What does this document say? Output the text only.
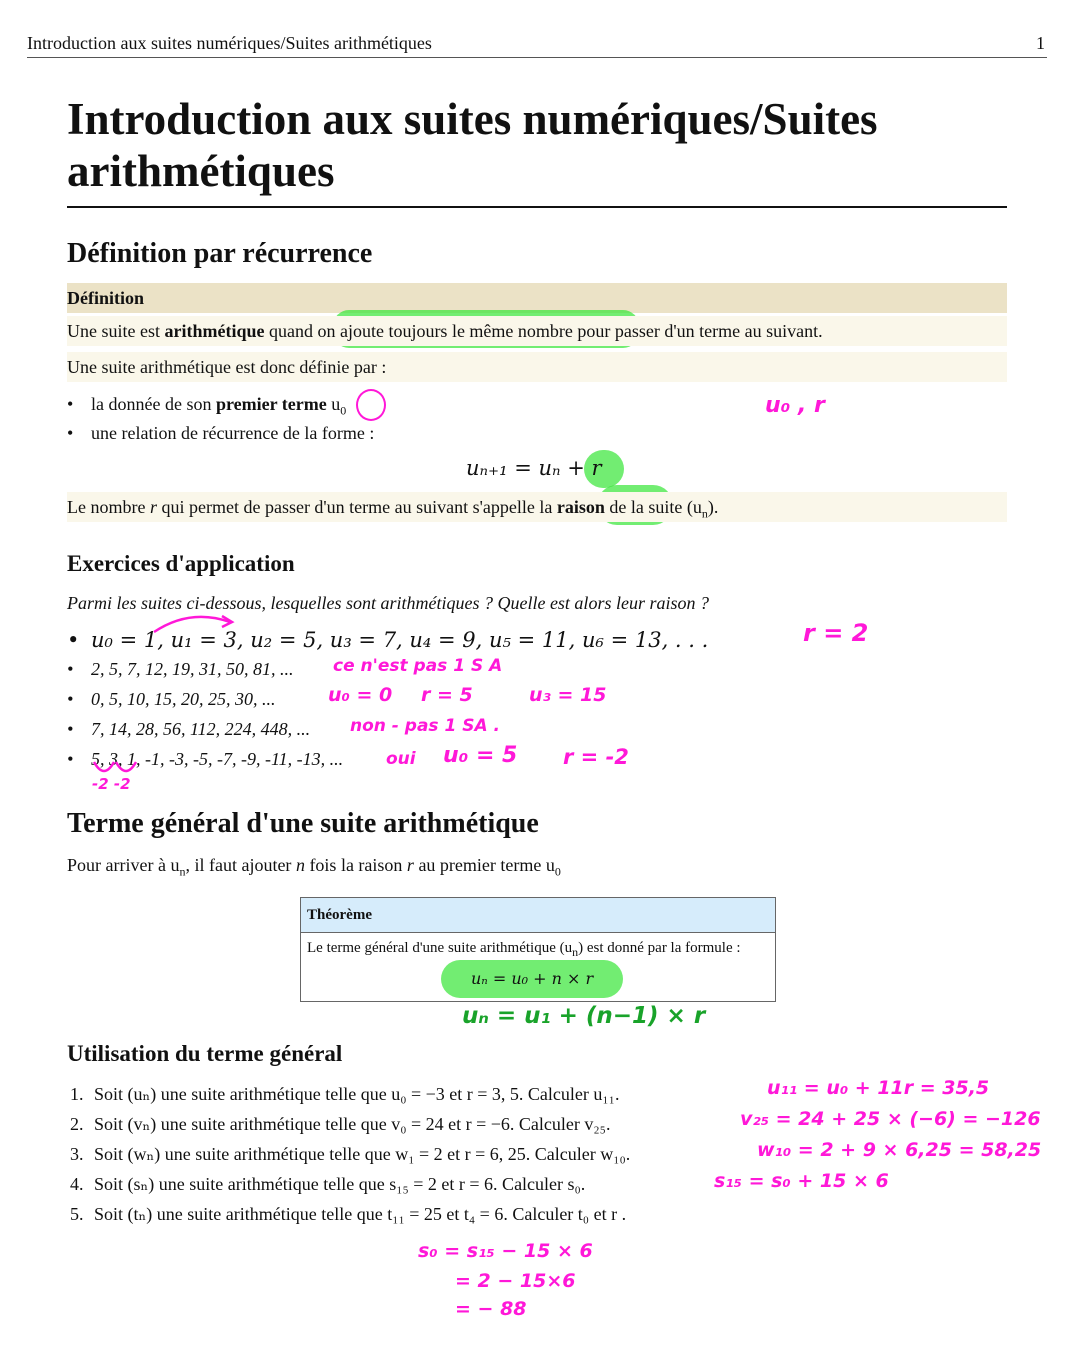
Introduction aux suites numériques/Suites arithmétiques	1
Introduction aux suites numériques/Suites arithmétiques
Définition par récurrence
Définition
Une suite est arithmétique quand on ajoute toujours le même nombre pour passer d'un terme au suivant.
Une suite arithmétique est donc définie par :
• la donnée de son premier terme $u_0$
• une relation de récurrence de la forme :
uₙ₊₁ = uₙ + r
Le nombre r qui permet de passer d'un terme au suivant s'appelle la raison de la suite $(u_n)$.
Exercices d'application
Parmi les suites ci-dessous, lesquelles sont arithmétiques ? Quelle est alors leur raison ?
• u₀ = 1, u₁ = 3, u₂ = 5, u₃ = 7, u₄ = 9, u₅ = 11, u₆ = 13, . . .
• 2, 5, 7, 12, 19, 31, 50, 81, ...
• 0, 5, 10, 15, 20, 25, 30, ...
• 7, 14, 28, 56, 112, 224, 448, ...
• 5, 3, 1, -1, -3, -5, -7, -9, -11, -13, ...
Terme général d'une suite arithmétique
Pour arriver à $u_n$, il faut ajouter n fois la raison r au premier terme $u_0$
Théorème
Le terme général d'une suite arithmétique $(u_n)$ est donné par la formule :
uₙ = u₀ + n × r
Utilisation du terme général
1. Soit (uₙ) une suite arithmétique telle que u₀ = −3 et r = 3, 5. Calculer u₁₁.
2. Soit (vₙ) une suite arithmétique telle que v₀ = 24 et r = −6. Calculer v₂₅.
3. Soit (wₙ) une suite arithmétique telle que w₁ = 2 et r = 6, 25. Calculer w₁₀.
4. Soit (sₙ) une suite arithmétique telle que s₁₅ = 2 et r = 6. Calculer s₀.
5. Soit (tₙ) une suite arithmétique telle que t₁₁ = 25 et t₄ = 6. Calculer t₀ et r .
u₀ , r
r = 2
ce n'est pas 1 S A
u₀ = 0 r = 5	u₃ = 15
non - pas 1 SA .
oui u₀ = 5 r = -2
-2 -2
uₙ = u₁ + (n−1) × r
u₁₁ = u₀ + 11r = 35,5
v₂₅ = 24 + 25 × (−6) = −126
w₁₀ = 2 + 9 × 6,25 = 58,25
s₁₅ = s₀ + 15 × 6
s₀ = s₁₅ − 15 × 6
= 2 − 15×6
= − 88
